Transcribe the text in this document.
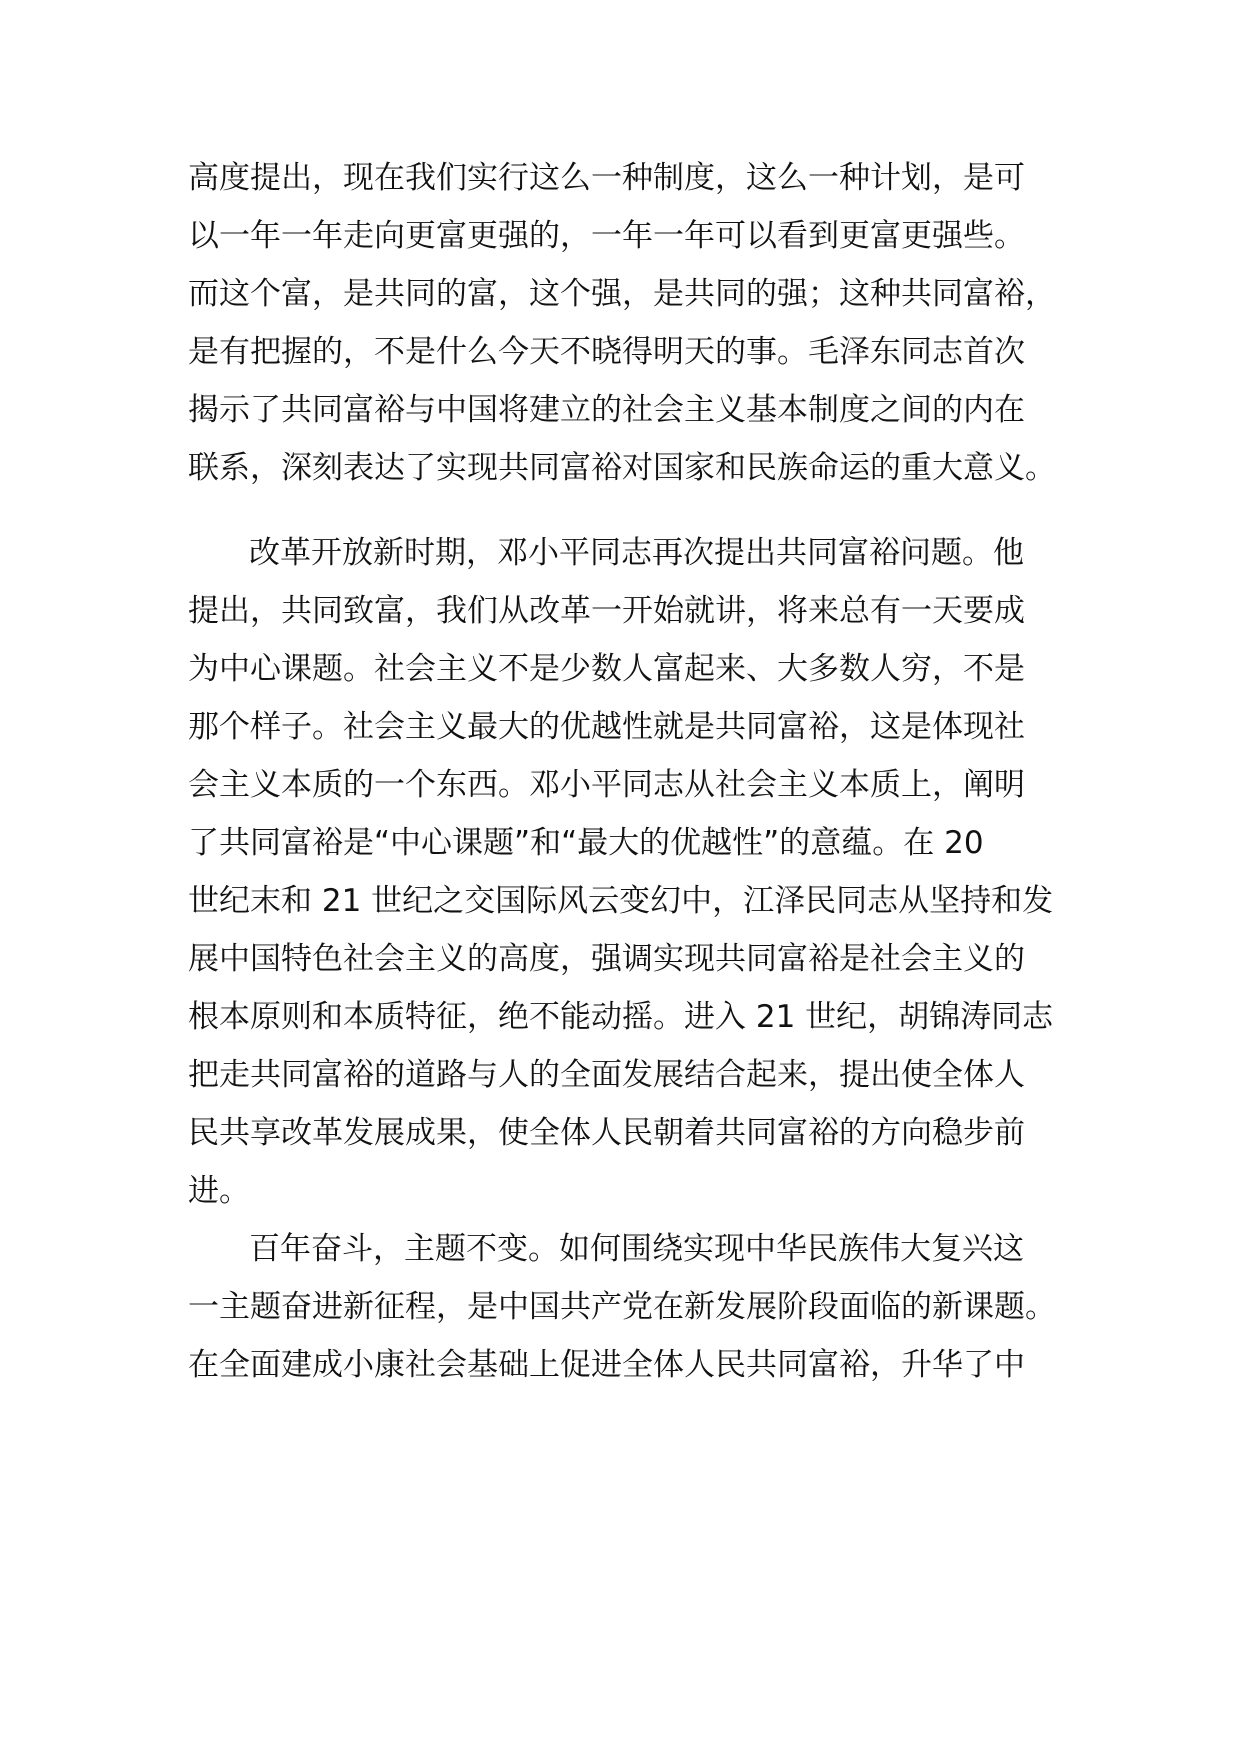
高度提出，现在我们实行这么一种制度，这么一种计划，是可
以一年一年走向更富更强的，一年一年可以看到更富更强些。
而这个富，是共同的富，这个强，是共同的强；这种共同富裕，
是有把握的，不是什么今天不晓得明天的事。毛泽东同志首次
揭示了共同富裕与中国将建立的社会主义基本制度之间的内在
联系，深刻表达了实现共同富裕对国家和民族命运的重大意义。
改革开放新时期，邓小平同志再次提出共同富裕问题。他
提出，共同致富，我们从改革一开始就讲，将来总有一天要成
为中心课题。社会主义不是少数人富起来、大多数人穷，不是
那个样子。社会主义最大的优越性就是共同富裕，这是体现社
会主义本质的一个东西。邓小平同志从社会主义本质上，阐明
了共同富裕是“中心课题”和“最大的优越性”的意蕴。在 20
世纪末和 21 世纪之交国际风云变幻中，江泽民同志从坚持和发
展中国特色社会主义的高度，强调实现共同富裕是社会主义的
根本原则和本质特征，绝不能动摇。进入 21 世纪，胡锦涛同志
把走共同富裕的道路与人的全面发展结合起来，提出使全体人
民共享改革发展成果，使全体人民朝着共同富裕的方向稳步前
进。
百年奋斗，主题不变。如何围绕实现中华民族伟大复兴这
一主题奋进新征程，是中国共产党在新发展阶段面临的新课题。
在全面建成小康社会基础上促进全体人民共同富裕，升华了中
